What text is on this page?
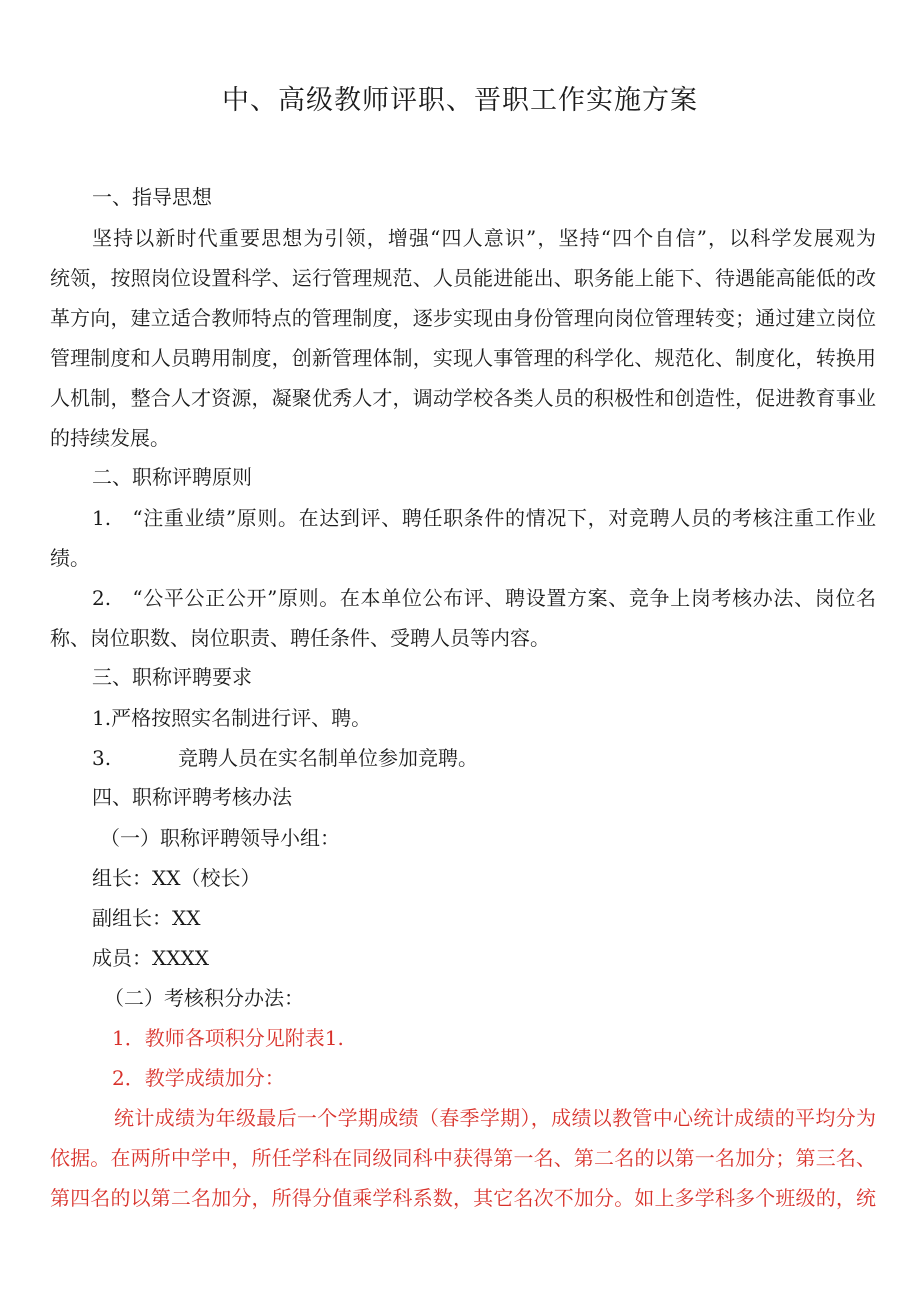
中、高级教师评职、晋职工作实施方案
一、指导思想
坚持以新时代重要思想为引领，增强“四人意识”，坚持“四个自信”，以科学发展观为
统领，按照岗位设置科学、运行管理规范、人员能进能出、职务能上能下、待遇能高能低的改
革方向，建立适合教师特点的管理制度，逐步实现由身份管理向岗位管理转变；通过建立岗位
管理制度和人员聘用制度，创新管理体制，实现人事管理的科学化、规范化、制度化，转换用
人机制，整合人才资源，凝聚优秀人才，调动学校各类人员的积极性和创造性，促进教育事业
的持续发展。
二、职称评聘原则
1.　“注重业绩”原则。在达到评、聘任职条件的情况下，对竞聘人员的考核注重工作业
绩。
2.　“公平公正公开”原则。在本单位公布评、聘设置方案、竞争上岗考核办法、岗位名
称、岗位职数、岗位职责、聘任条件、受聘人员等内容。
三、职称评聘要求
1.严格按照实名制进行评、聘。
3.	竞聘人员在实名制单位参加竞聘。
四、职称评聘考核办法
（一）职称评聘领导小组：
组长：XX（校长）
副组长：XX
成员：XXXX
（二）考核积分办法：
1．教师各项积分见附表1.
2．教学成绩加分：
统计成绩为年级最后一个学期成绩（春季学期），成绩以教管中心统计成绩的平均分为
依据。在两所中学中，所任学科在同级同科中获得第一名、第二名的以第一名加分；第三名、
第四名的以第二名加分，所得分值乘学科系数，其它名次不加分。如上多学科多个班级的，统
